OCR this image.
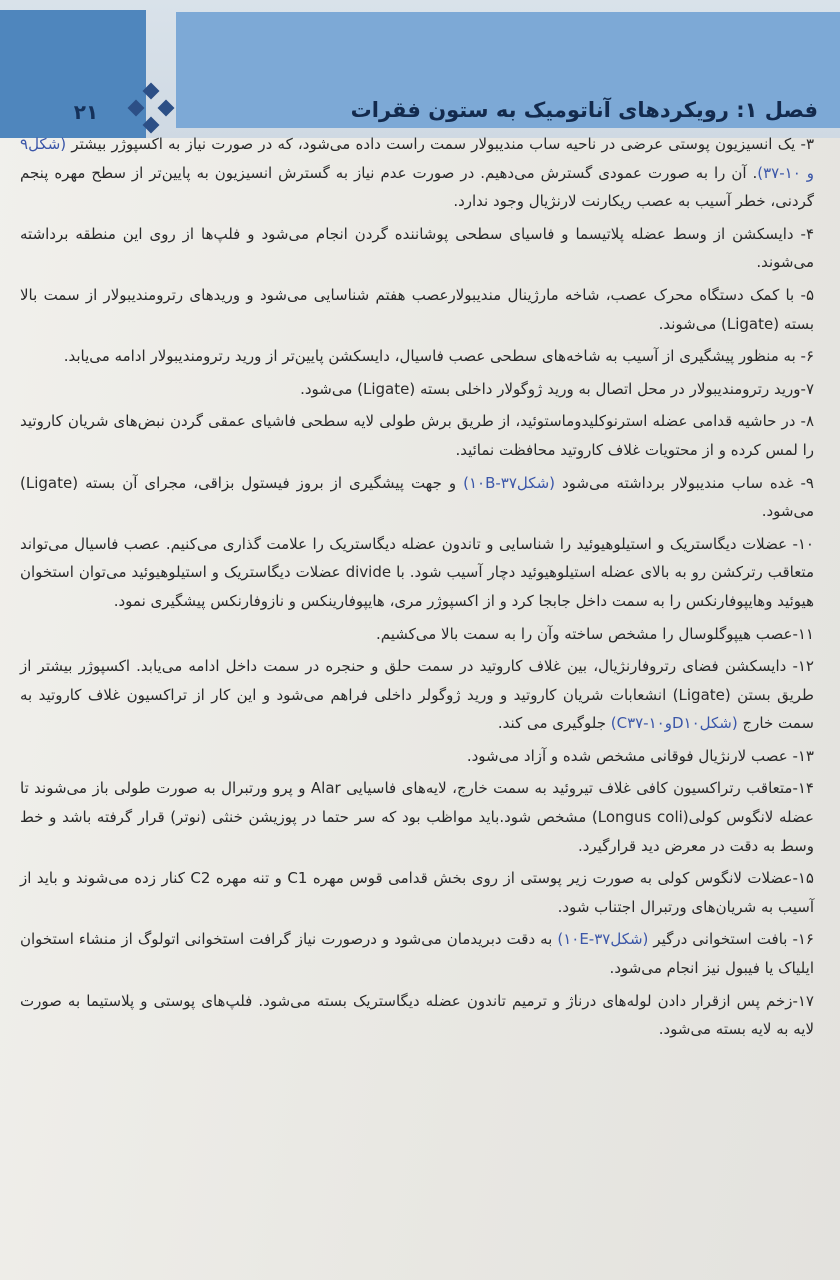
۲۱	فصل ۱: رویکردهای آناتومیک به ستون فقرات

۳- یک انسیزیون پوستی عرضی در ناحیه ساب مندیبولار سمت راست داده می‌شود، که در صورت نیاز به اکسپوژر بیشتر (شکل۹ و ۱۰-۳۷). آن را به صورت عمودی گسترش می‌دهیم. در صورت عدم نیاز به گسترش انسیزیون به پایین‌تر از سطح مهره پنجم گردنی، خطر آسیب به عصب ریکارنت لارنژیال وجود ندارد.

۴- دایسکشن از وسط عضله پلاتیسما و فاسیای سطحی پوشاننده گردن انجام می‌شود و فلپ‌ها از روی این منطقه برداشته می‌شوند.

۵- با کمک دستگاه محرک عصب، شاخه مارژینال مندیبولارعصب هفتم شناسایی می‌شود و وریدهای رترومندیبولار از سمت بالا بسته (Ligate) می‌شوند.

۶- به منظور پیشگیری از آسیب به شاخه‌های سطحی عصب فاسیال، دایسکشن پایین‌تر از ورید رترومندیبولار ادامه می‌یابد.

۷-ورید رترومندیبولار در محل اتصال به ورید ژوگولار داخلی بسته (Ligate) می‌شود.

۸- در حاشیه قدامی عضله استرنوکلیدوماستوئید، از طریق برش طولی لایه سطحی فاشیای عمقی گردن نبض‌های شریان کاروتید را لمس کرده و از محتویات غلاف کاروتید محافظت نمائید.

۹- غده ساب مندیبولار برداشته می‌شود (شکل۱۰B-۳۷) و جهت پیشگیری از بروز فیستول بزاقی، مجرای آن بسته (Ligate) می‌شود.

۱۰- عضلات دیگاستریک و استیلوهیوئید را شناسایی و تاندون عضله دیگاستریک را علامت گذاری می‌کنیم. عصب فاسیال می‌تواند متعاقب رترکشن رو به بالای عضله استیلوهیوئید دچار آسیب شود. با divide عضلات دیگاستریک و استیلوهیوئید می‌توان استخوان هیوئید وهایپوفارنکس را به سمت داخل جابجا کرد و از اکسپوژر مری، هایپوفارینکس و نازوفارنکس پیشگیری نمود.

۱۱-عصب هیپوگلوسال را مشخص ساخته وآن را به سمت بالا می‌کشیم.

۱۲- دایسکشن فضای رتروفارنژیال، بین غلاف کاروتید در سمت حلق و حنجره در سمت داخل ادامه می‌یابد. اکسپوژر بیشتر از طریق بستن (Ligate) انشعابات شریان کاروتید و ورید ژوگولر داخلی فراهم می‌شود و این کار از تراکسیون غلاف کاروتید به سمت خارج (شکلD۱۰وC۳۷-۱۰) جلوگیری می کند.

۱۳- عصب لارنژیال فوقانی مشخص شده و آزاد می‌شود.

۱۴-متعاقب رتراکسیون کافی غلاف تیروئید به سمت خارج، لایه‌های فاسیایی Alar و پرو ورتبرال به صورت طولی باز می‌شوند تا عضله لانگوس کولی(Longus coli) مشخص شود.باید مواظب بود که سر حتما در پوزیشن خنثی (نوتر) قرار گرفته باشد و خط وسط به دقت در معرض دید قرارگیرد.

۱۵-عضلات لانگوس کولی به صورت زیر پوستی از روی بخش قدامی قوس مهره C1 و تنه مهره C2 کنار زده می‌شوند و باید از آسیب به شریان‌های ورتبرال اجتناب شود.

۱۶- بافت استخوانی درگیر (شکل۱۰E-۳۷) به دقت دبریدمان می‌شود و درصورت نیاز گرافت استخوانی اتولوگ از منشاء استخوان ایلیاک یا فیبول نیز انجام می‌شود.

۱۷-زخم پس ازقرار دادن لوله‌های درناژ و ترمیم تاندون عضله دیگاستریک بسته می‌شود. فلپ‌های پوستی و پلاستیما به صورت لایه به لایه بسته می‌شود.
